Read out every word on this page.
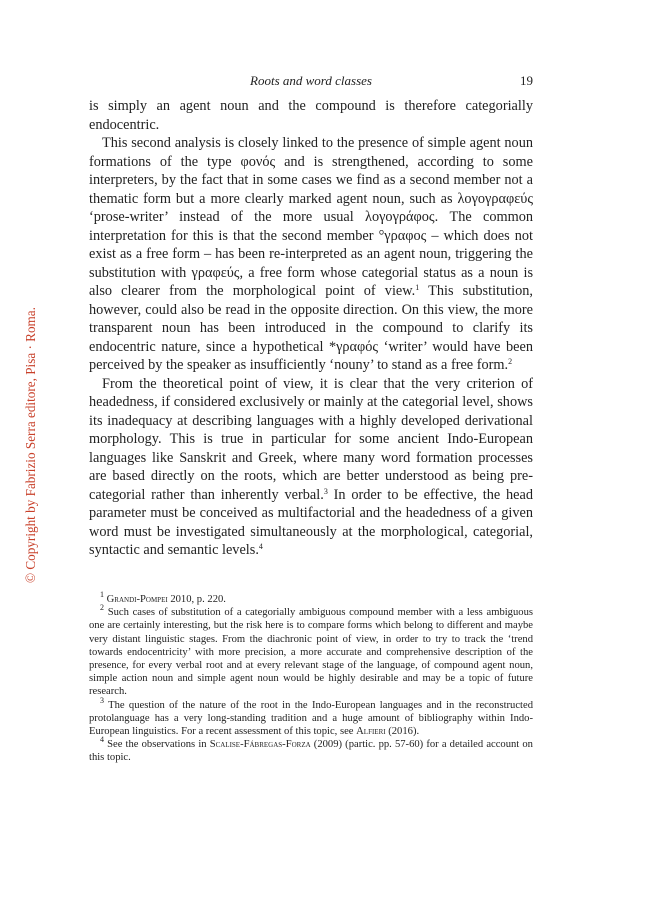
Roots and word classes	19

is simply an agent noun and the compound is therefore categorially endocentric.

This second analysis is closely linked to the presence of simple agent noun formations of the type φονός and is strengthened, according to some interpreters, by the fact that in some cases we find as a second member not a thematic form but a more clearly marked agent noun, such as λογογραφεύς ‘prose-writer’ instead of the more usual λογογράφος. The common interpretation for this is that the second member °γραφος – which does not exist as a free form – has been re-interpreted as an agent noun, triggering the substitution with γραφεύς, a free form whose categorial status as a noun is also clearer from the morphological point of view.$^1$ This substitution, however, could also be read in the opposite direction. On this view, the more transparent noun has been introduced in the compound to clarify its endocentric nature, since a hypothetical *γραφός ‘writer’ would have been perceived by the speaker as insufficiently ‘nouny’ to stand as a free form.$^2$

From the theoretical point of view, it is clear that the very criterion of headedness, if considered exclusively or mainly at the categorial level, shows its inadequacy at describing languages with a highly developed derivational morphology. This is true in particular for some ancient Indo-European languages like Sanskrit and Greek, where many word formation processes are based directly on the roots, which are better understood as being pre-categorial rather than inherently verbal.$^3$ In order to be effective, the head parameter must be conceived as multifactorial and the headedness of a given word must be investigated simultaneously at the morphological, categorial, syntactic and semantic levels.$^4$

$^1$ Grandi-Pompei 2010, p. 220.

$^2$ Such cases of substitution of a categorially ambiguous compound member with a less ambiguous one are certainly interesting, but the risk here is to compare forms which belong to different and maybe very distant linguistic stages. From the diachronic point of view, in order to try to track the ‘trend towards endocentricity’ with more precision, a more accurate and comprehensive description of the presence, for every verbal root and at every relevant stage of the language, of compound agent noun, simple action noun and simple agent noun would be highly desirable and may be a topic of future research.

$^3$ The question of the nature of the root in the Indo-European languages and in the reconstructed protolanguage has a very long-standing tradition and a huge amount of bibliography within Indo-European linguistics. For a recent assessment of this topic, see Alfieri (2016).

$^4$ See the observations in Scalise-Fábregas-Forza (2009) (partic. pp. 57-60) for a detailed account on this topic.

© Copyright by Fabrizio Serra editore, Pisa · Roma.
